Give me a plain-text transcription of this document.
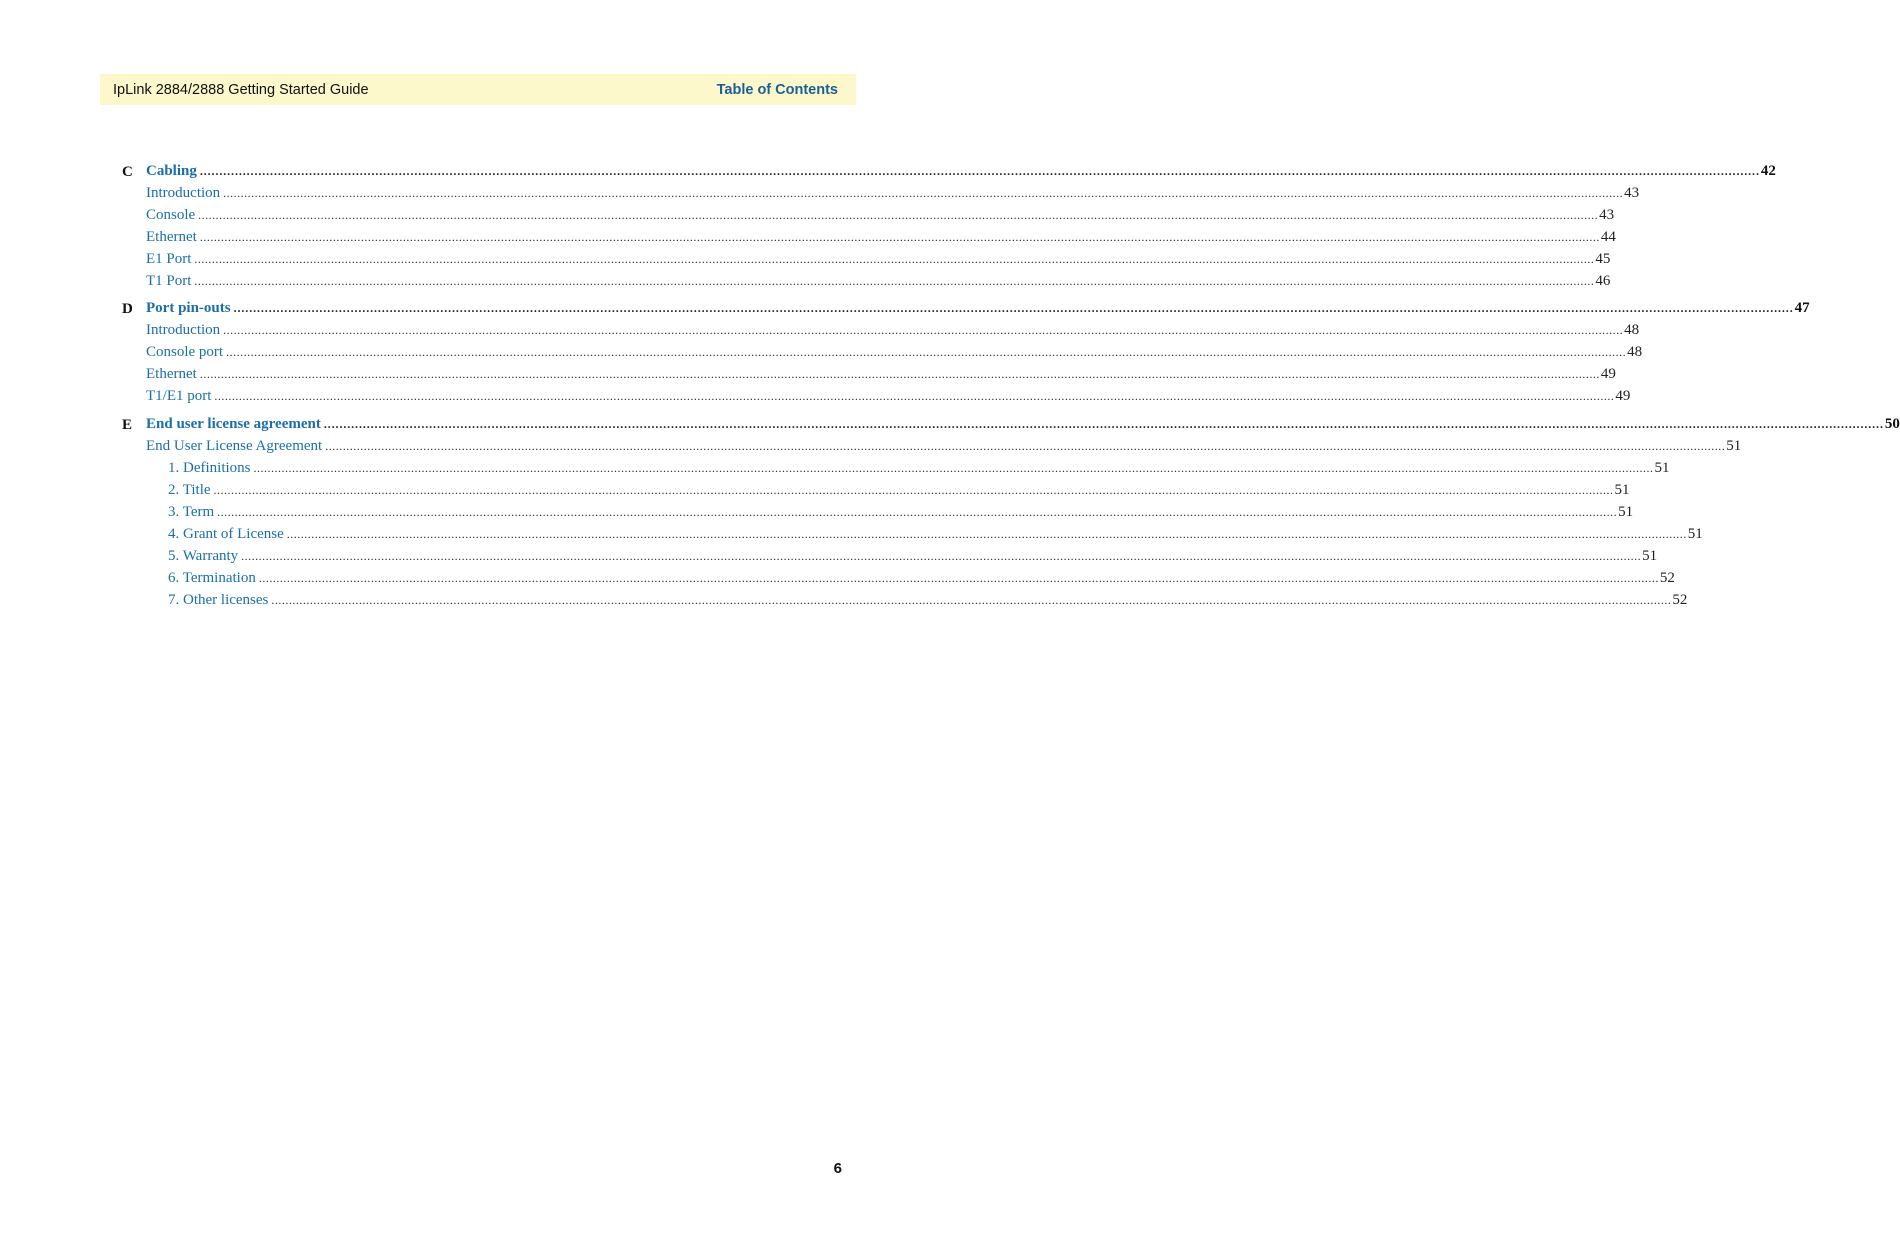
IpLink 2884/2888 Getting Started Guide	Table of Contents
C Cabling ................................................................................................................................................................................................................................................................................................................................................................................................................ 42
Introduction ................................................................................................................................................................................................................................................................................................................................................................................................................ 43
Console ................................................................................................................................................................................................................................................................................................................................................................................................................ 43
Ethernet ................................................................................................................................................................................................................................................................................................................................................................................................................ 44
E1 Port ................................................................................................................................................................................................................................................................................................................................................................................................................ 45
T1 Port ................................................................................................................................................................................................................................................................................................................................................................................................................ 46
D Port pin-outs ................................................................................................................................................................................................................................................................................................................................................................................................................ 47
Introduction ................................................................................................................................................................................................................................................................................................................................................................................................................ 48
Console port ................................................................................................................................................................................................................................................................................................................................................................................................................ 48
Ethernet ................................................................................................................................................................................................................................................................................................................................................................................................................ 49
T1/E1 port ................................................................................................................................................................................................................................................................................................................................................................................................................ 49
E End user license agreement ................................................................................................................................................................................................................................................................................................................................................................................................................ 50
End User License Agreement ................................................................................................................................................................................................................................................................................................................................................................................................................ 51
1. Definitions ................................................................................................................................................................................................................................................................................................................................................................................................................ 51
2. Title ................................................................................................................................................................................................................................................................................................................................................................................................................ 51
3. Term ................................................................................................................................................................................................................................................................................................................................................................................................................ 51
4. Grant of License ................................................................................................................................................................................................................................................................................................................................................................................................................ 51
5. Warranty ................................................................................................................................................................................................................................................................................................................................................................................................................ 51
6. Termination ................................................................................................................................................................................................................................................................................................................................................................................................................ 52
7. Other licenses ................................................................................................................................................................................................................................................................................................................................................................................................................ 52
6
